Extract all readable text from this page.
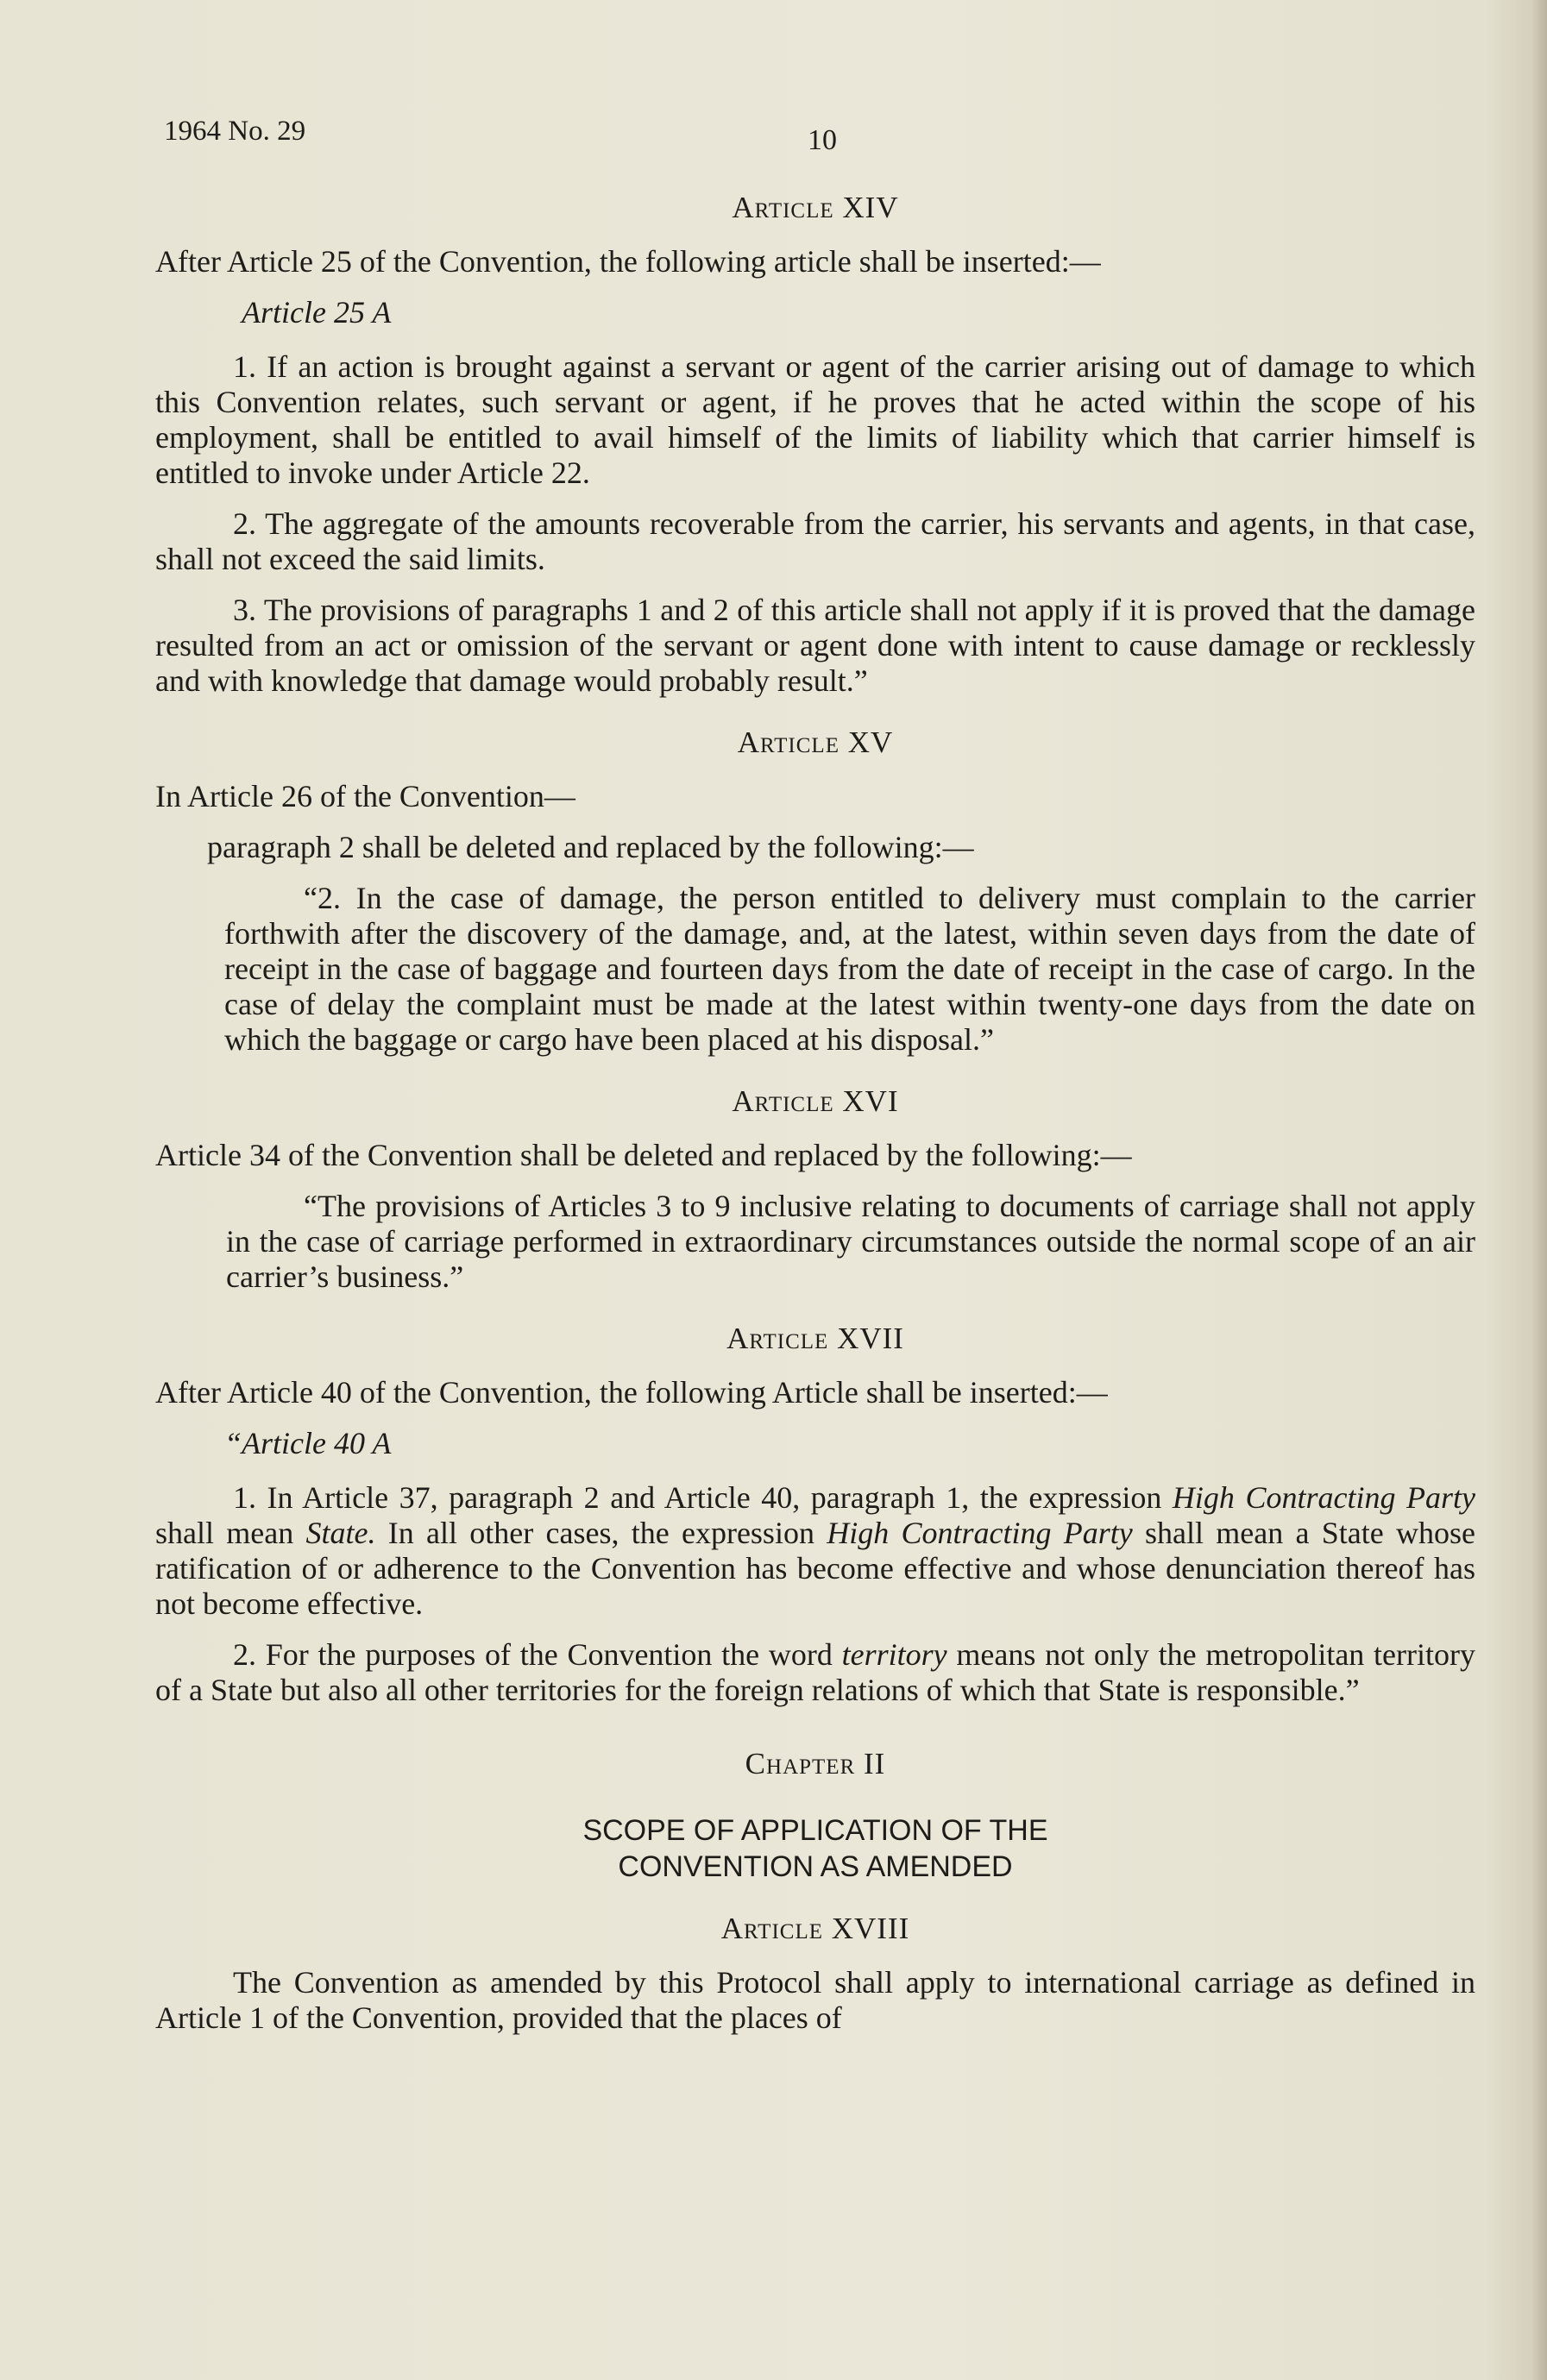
1964 No. 29	10
Article XIV

After Article 25 of the Convention, the following article shall be inserted:—

Article 25 A

1. If an action is brought against a servant or agent of the carrier arising out of damage to which this Convention relates, such servant or agent, if he proves that he acted within the scope of his employment, shall be entitled to avail himself of the limits of liability which that carrier himself is entitled to invoke under Article 22.

2. The aggregate of the amounts recoverable from the carrier, his servants and agents, in that case, shall not exceed the said limits.

3. The provisions of paragraphs 1 and 2 of this article shall not apply if it is proved that the damage resulted from an act or omission of the servant or agent done with intent to cause damage or recklessly and with knowledge that damage would probably result.”

Article XV

In Article 26 of the Convention—

paragraph 2 shall be deleted and replaced by the following:—

“2. In the case of damage, the person entitled to delivery must complain to the carrier forthwith after the discovery of the damage, and, at the latest, within seven days from the date of receipt in the case of baggage and fourteen days from the date of receipt in the case of cargo. In the case of delay the complaint must be made at the latest within twenty-one days from the date on which the baggage or cargo have been placed at his disposal.”

Article XVI

Article 34 of the Convention shall be deleted and replaced by the following:—

“The provisions of Articles 3 to 9 inclusive relating to documents of carriage shall not apply in the case of carriage performed in extraordinary circumstances outside the normal scope of an air carrier’s business.”

Article XVII

After Article 40 of the Convention, the following Article shall be inserted:—

“Article 40 A

1. In Article 37, paragraph 2 and Article 40, paragraph 1, the expression High Contracting Party shall mean State. In all other cases, the expression High Contracting Party shall mean a State whose ratification of or adherence to the Convention has become effective and whose denunciation thereof has not become effective.

2. For the purposes of the Convention the word territory means not only the metropolitan territory of a State but also all other territories for the foreign relations of which that State is responsible.”

Chapter II
SCOPE OF APPLICATION OF THE
CONVENTION AS AMENDED
Article XVIII

The Convention as amended by this Protocol shall apply to international carriage as defined in Article 1 of the Convention, provided that the places of
